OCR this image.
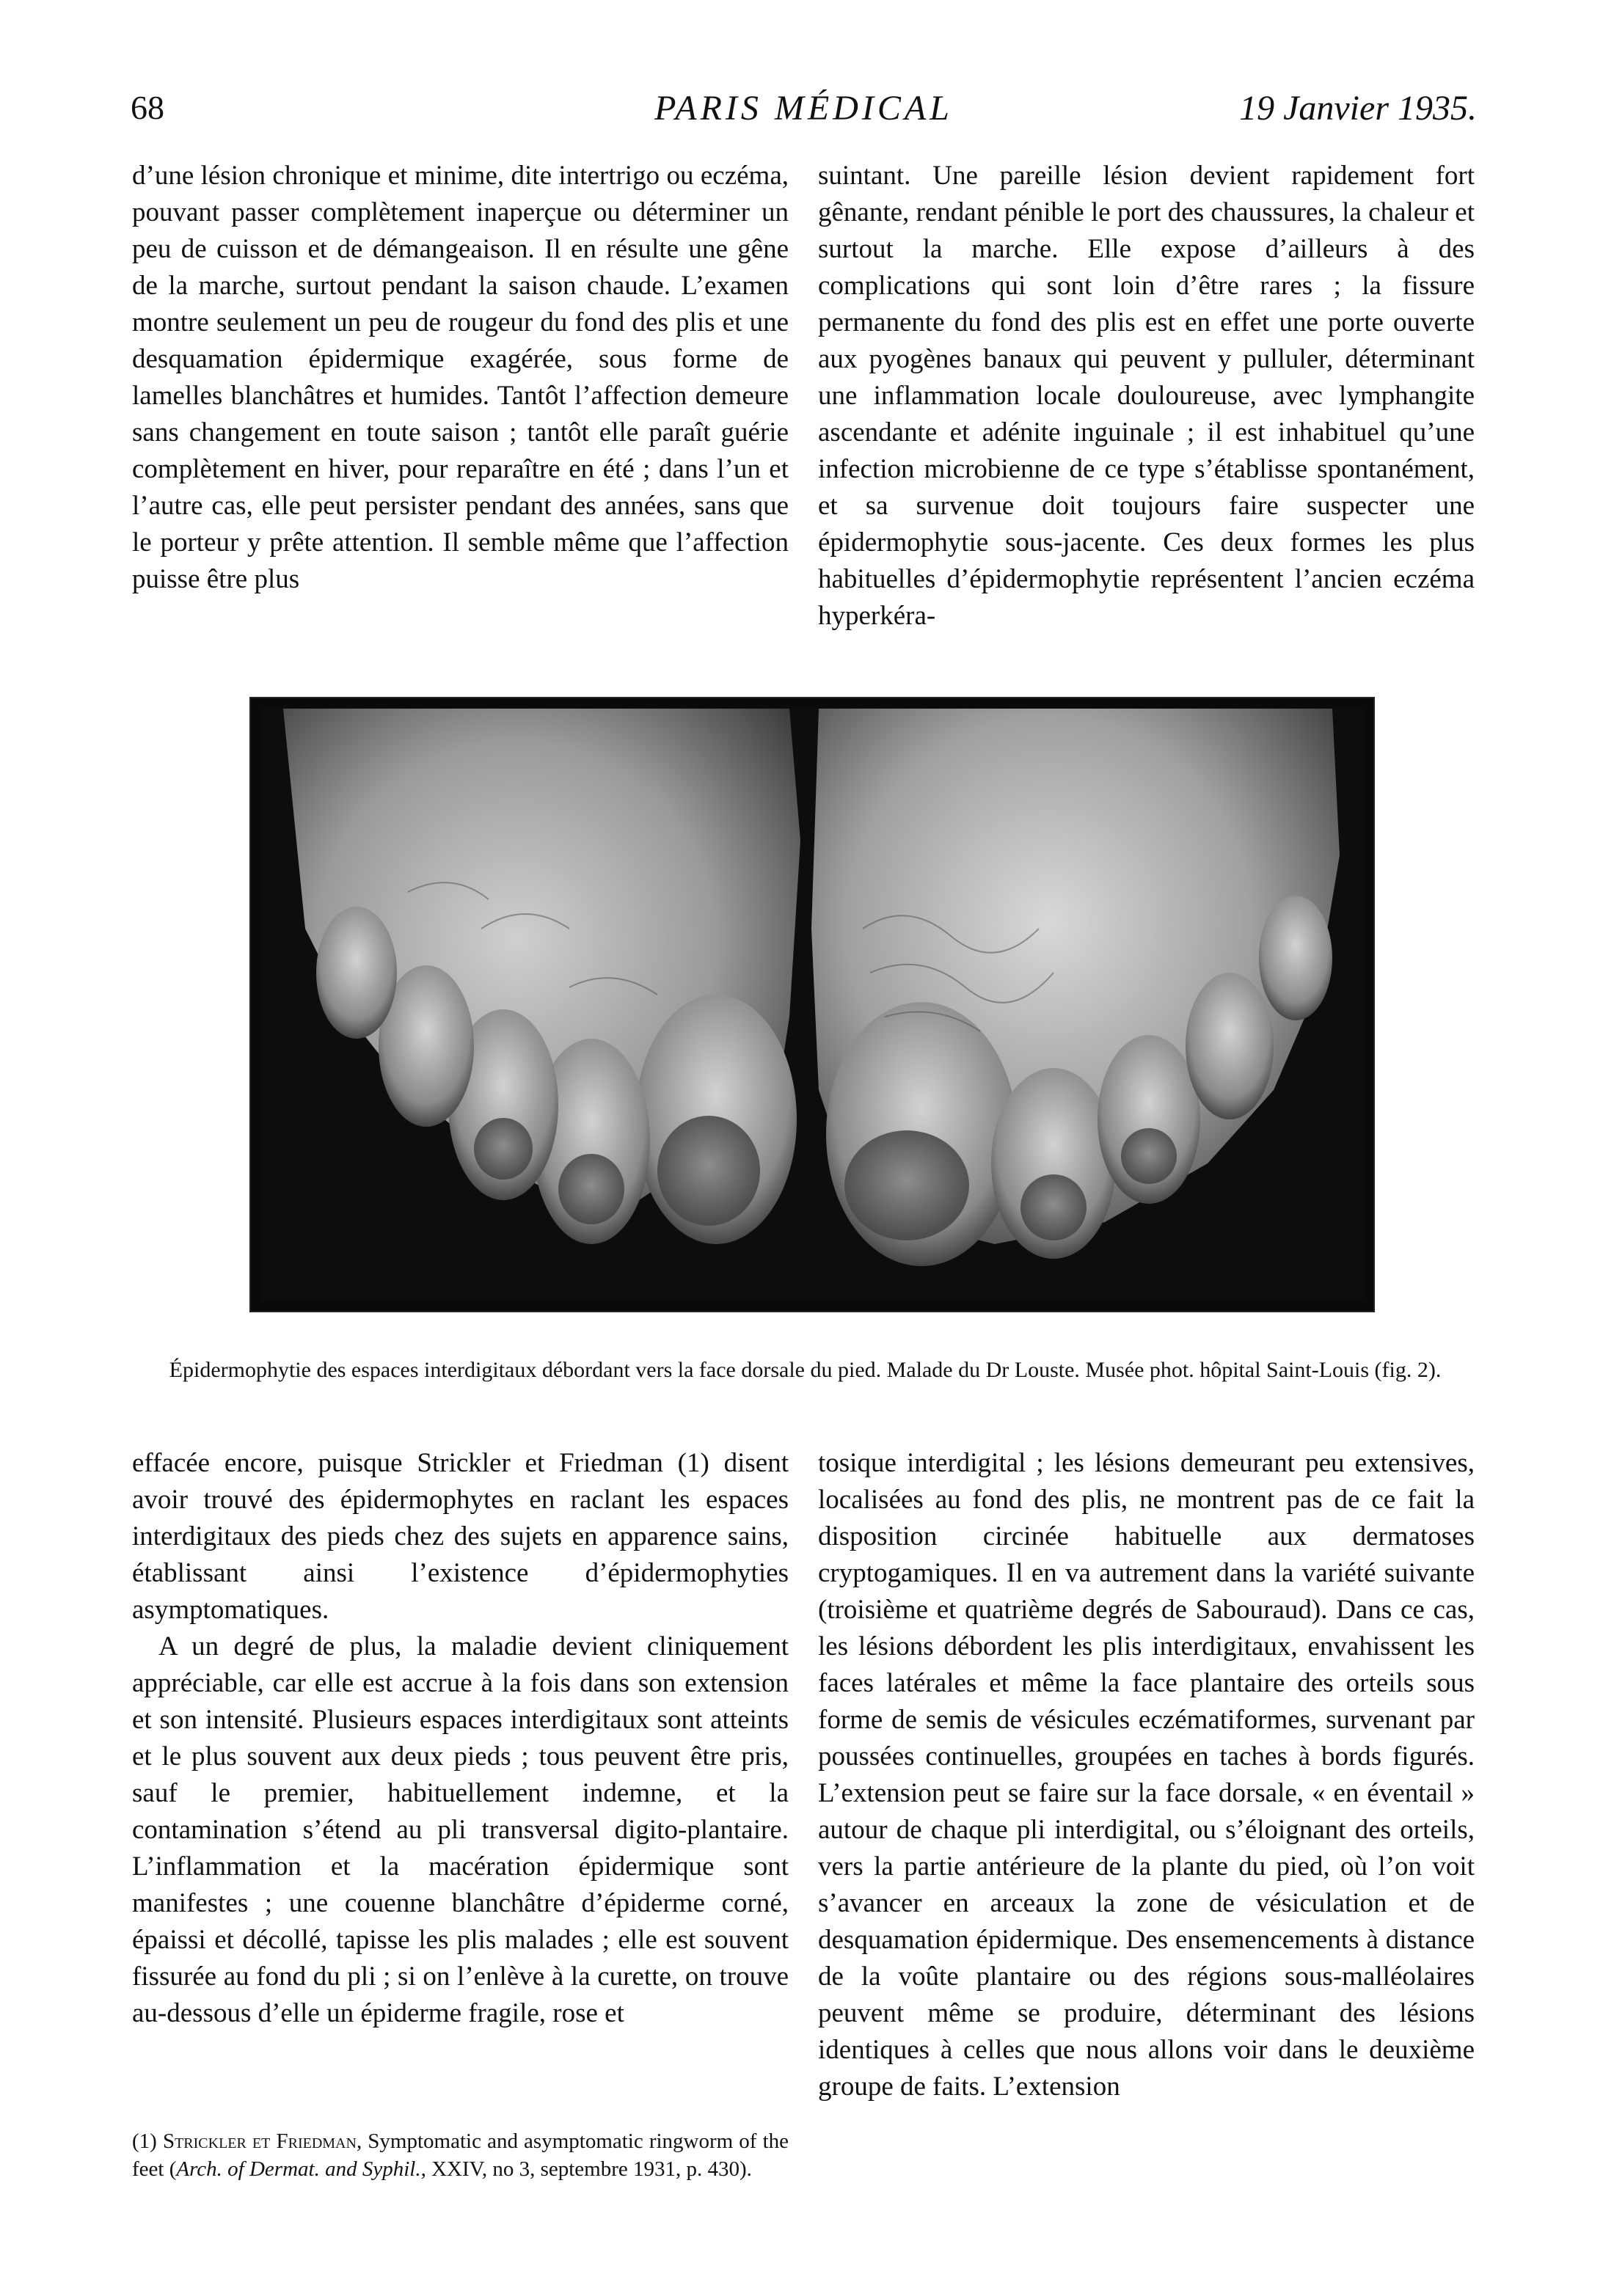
68	PARIS MÉDICAL	19 Janvier 1935.

d’une lésion chronique et minime, dite intertrigo ou eczéma, pouvant passer complètement inaperçue ou déterminer un peu de cuisson et de démangeaison. Il en résulte une gêne de la marche, surtout pendant la saison chaude. L’examen montre seulement un peu de rougeur du fond des plis et une desquamation épidermique exagérée, sous forme de lamelles blanchâtres et humides. Tantôt l’affection demeure sans changement en toute saison ; tantôt elle paraît guérie complètement en hiver, pour reparaître en été ; dans l’un et l’autre cas, elle peut persister pendant des années, sans que le porteur y prête attention. Il semble même que l’affection puisse être plus

suintant. Une pareille lésion devient rapidement fort gênante, rendant pénible le port des chaussures, la chaleur et surtout la marche. Elle expose d’ailleurs à des complications qui sont loin d’être rares ; la fissure permanente du fond des plis est en effet une porte ouverte aux pyogènes banaux qui peuvent y pulluler, déterminant une inflammation locale douloureuse, avec lymphangite ascendante et adénite inguinale ; il est inhabituel qu’une infection microbienne de ce type s’établisse spontanément, et sa survenue doit toujours faire suspecter une épidermophytie sous-jacente. Ces deux formes les plus habituelles d’épidermophytie représentent l’ancien eczéma hyperkéra-

Épidermophytie des espaces interdigitaux débordant vers la face dorsale du pied. Malade du Dr Louste. Musée phot. hôpital Saint-Louis (fig. 2).

effacée encore, puisque Strickler et Friedman (1) disent avoir trouvé des épidermophytes en raclant les espaces interdigitaux des pieds chez des sujets en apparence sains, établissant ainsi l’existence d’épidermophyties asymptomatiques.

A un degré de plus, la maladie devient cliniquement appréciable, car elle est accrue à la fois dans son extension et son intensité. Plusieurs espaces interdigitaux sont atteints et le plus souvent aux deux pieds ; tous peuvent être pris, sauf le premier, habituellement indemne, et la contamination s’étend au pli transversal digito-plantaire. L’inflammation et la macération épidermique sont manifestes ; une couenne blanchâtre d’épiderme corné, épaissi et décollé, tapisse les plis malades ; elle est souvent fissurée au fond du pli ; si on l’enlève à la curette, on trouve au-dessous d’elle un épiderme fragile, rose et

tosique interdigital ; les lésions demeurant peu extensives, localisées au fond des plis, ne montrent pas de ce fait la disposition circinée habituelle aux dermatoses cryptogamiques. Il en va autrement dans la variété suivante (troisième et quatrième degrés de Sabouraud). Dans ce cas, les lésions débordent les plis interdigitaux, envahissent les faces latérales et même la face plantaire des orteils sous forme de semis de vésicules eczématiformes, survenant par poussées continuelles, groupées en taches à bords figurés. L’extension peut se faire sur la face dorsale, « en éventail » autour de chaque pli interdigital, ou s’éloignant des orteils, vers la partie antérieure de la plante du pied, où l’on voit s’avancer en arceaux la zone de vésiculation et de desquamation épidermique. Des ensemencements à distance de la voûte plantaire ou des régions sous-malléolaires peuvent même se produire, déterminant des lésions identiques à celles que nous allons voir dans le deuxième groupe de faits. L’extension

(1) Strickler et Friedman, Symptomatic and asymptomatic ringworm of the feet (Arch. of Dermat. and Syphil., XXIV, no 3, septembre 1931, p. 430).
